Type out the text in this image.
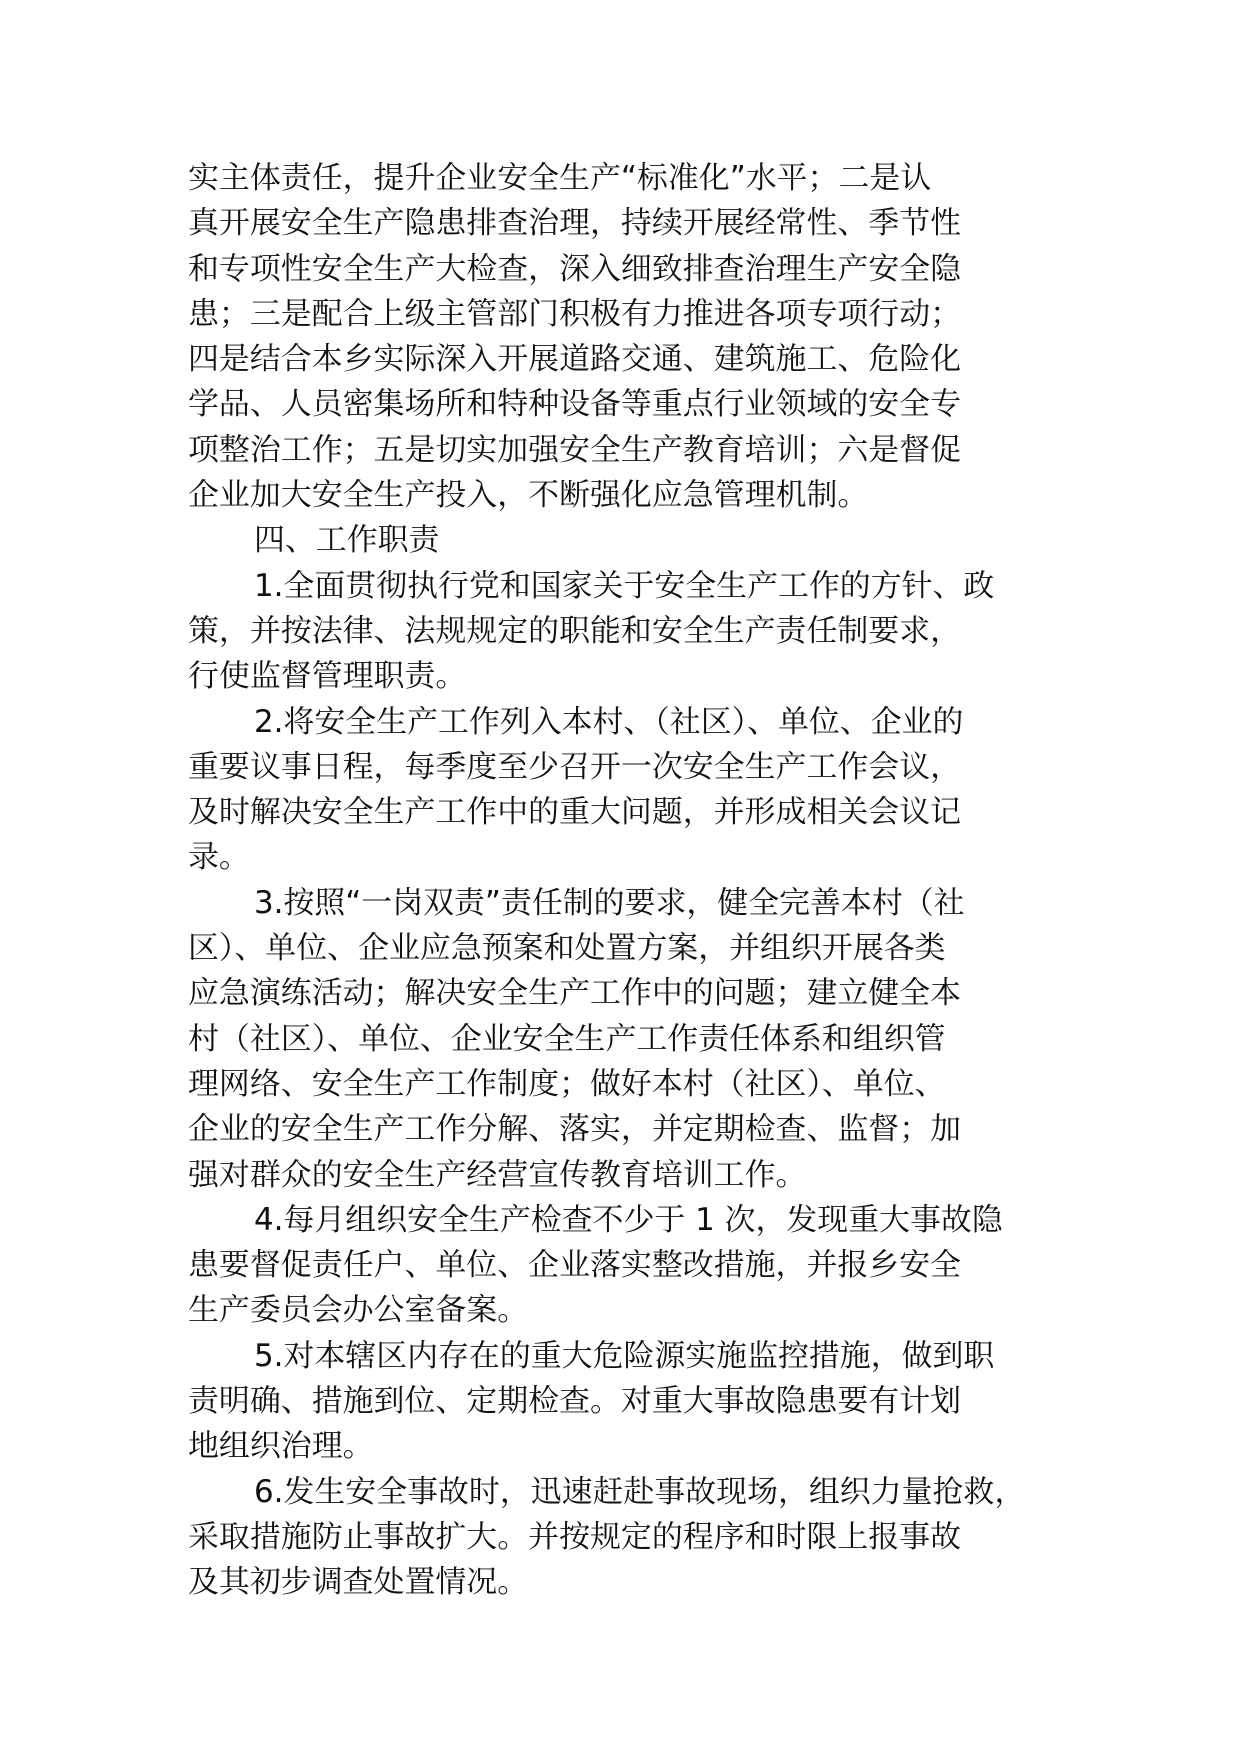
实主体责任，提升企业安全生产“标准化”水平；二是认
真开展安全生产隐患排查治理，持续开展经常性、季节性
和专项性安全生产大检查，深入细致排查治理生产安全隐
患；三是配合上级主管部门积极有力推进各项专项行动；
四是结合本乡实际深入开展道路交通、建筑施工、危险化
学品、人员密集场所和特种设备等重点行业领域的安全专
项整治工作；五是切实加强安全生产教育培训；六是督促
企业加大安全生产投入，不断强化应急管理机制。
四、工作职责
1.全面贯彻执行党和国家关于安全生产工作的方针、政
策，并按法律、法规规定的职能和安全生产责任制要求，
行使监督管理职责。
2.将安全生产工作列入本村、（社区）、单位、企业的
重要议事日程，每季度至少召开一次安全生产工作会议，
及时解决安全生产工作中的重大问题，并形成相关会议记
录。
3.按照“一岗双责”责任制的要求，健全完善本村（社
区）、单位、企业应急预案和处置方案，并组织开展各类
应急演练活动；解决安全生产工作中的问题；建立健全本
村（社区）、单位、企业安全生产工作责任体系和组织管
理网络、安全生产工作制度；做好本村（社区）、单位、
企业的安全生产工作分解、落实，并定期检查、监督；加
强对群众的安全生产经营宣传教育培训工作。
4.每月组织安全生产检查不少于 1 次，发现重大事故隐
患要督促责任户、单位、企业落实整改措施，并报乡安全
生产委员会办公室备案。
5.对本辖区内存在的重大危险源实施监控措施，做到职
责明确、措施到位、定期检查。对重大事故隐患要有计划
地组织治理。
6.发生安全事故时，迅速赶赴事故现场，组织力量抢救，
采取措施防止事故扩大。并按规定的程序和时限上报事故
及其初步调查处置情况。
